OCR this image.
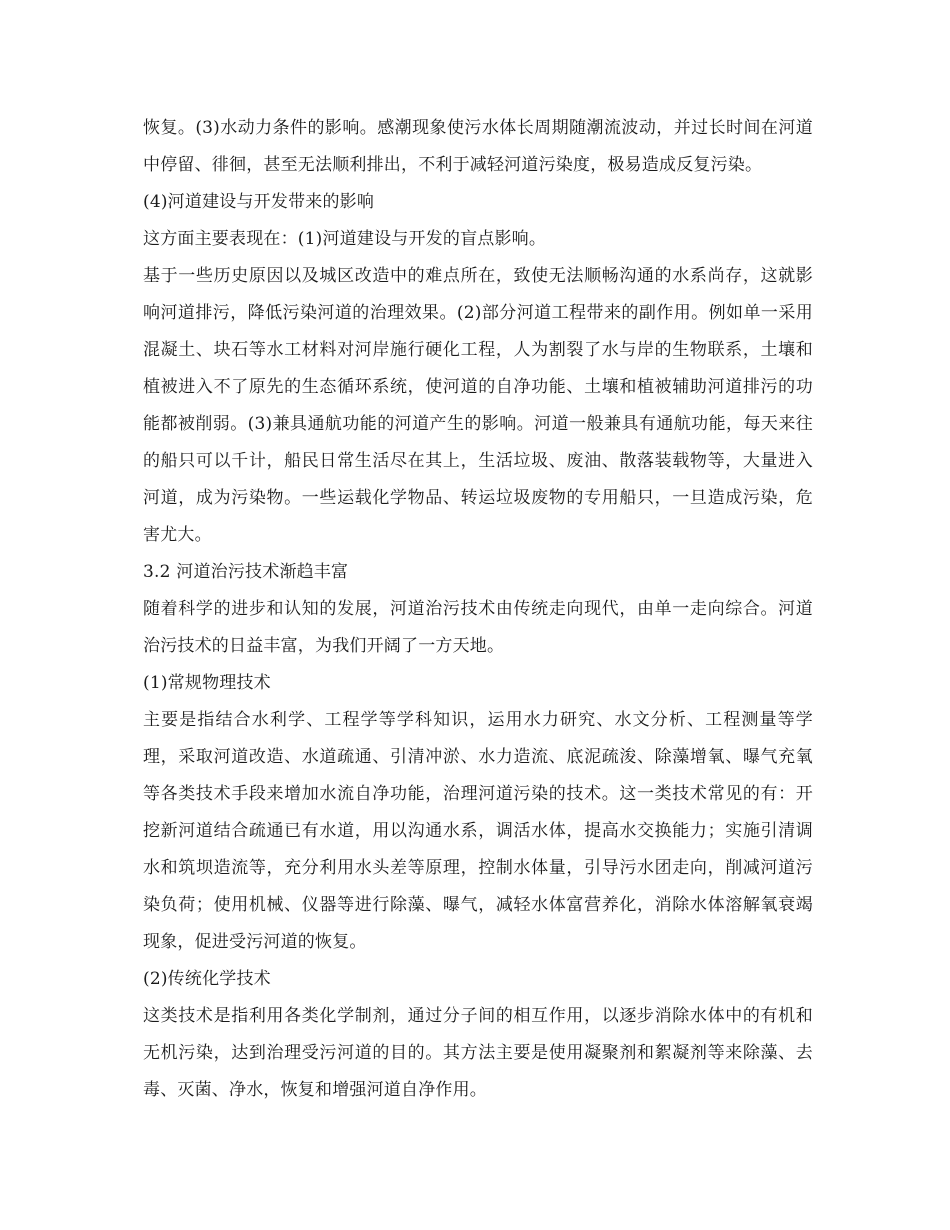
恢复。(3)水动力条件的影响。感潮现象使污水体长周期随潮流波动，并过长时间在河道中停留、徘徊，甚至无法顺利排出，不利于减轻河道污染度，极易造成反复污染。

(4)河道建设与开发带来的影响

这方面主要表现在：(1)河道建设与开发的盲点影响。

基于一些历史原因以及城区改造中的难点所在，致使无法顺畅沟通的水系尚存，这就影响河道排污，降低污染河道的治理效果。(2)部分河道工程带来的副作用。例如单一采用混凝土、块石等水工材料对河岸施行硬化工程，人为割裂了水与岸的生物联系，土壤和植被进入不了原先的生态循环系统，使河道的自净功能、土壤和植被辅助河道排污的功能都被削弱。(3)兼具通航功能的河道产生的影响。河道一般兼具有通航功能，每天来往的船只可以千计，船民日常生活尽在其上，生活垃圾、废油、散落装载物等，大量进入河道，成为污染物。一些运载化学物品、转运垃圾废物的专用船只，一旦造成污染，危害尤大。

3.2 河道治污技术渐趋丰富

随着科学的进步和认知的发展，河道治污技术由传统走向现代，由单一走向综合。河道治污技术的日益丰富，为我们开阔了一方天地。

(1)常规物理技术

主要是指结合水利学、工程学等学科知识，运用水力研究、水文分析、工程测量等学理，采取河道改造、水道疏通、引清冲淤、水力造流、底泥疏浚、除藻增氧、曝气充氧等各类技术手段来增加水流自净功能，治理河道污染的技术。这一类技术常见的有：开挖新河道结合疏通已有水道，用以沟通水系，调活水体，提高水交换能力；实施引清调水和筑坝造流等，充分利用水头差等原理，控制水体量，引导污水团走向，削减河道污染负荷；使用机械、仪器等进行除藻、曝气，减轻水体富营养化，消除水体溶解氧衰竭现象，促进受污河道的恢复。

(2)传统化学技术

这类技术是指利用各类化学制剂，通过分子间的相互作用，以逐步消除水体中的有机和无机污染，达到治理受污河道的目的。其方法主要是使用凝聚剂和絮凝剂等来除藻、去毒、灭菌、净水，恢复和增强河道自净作用。
